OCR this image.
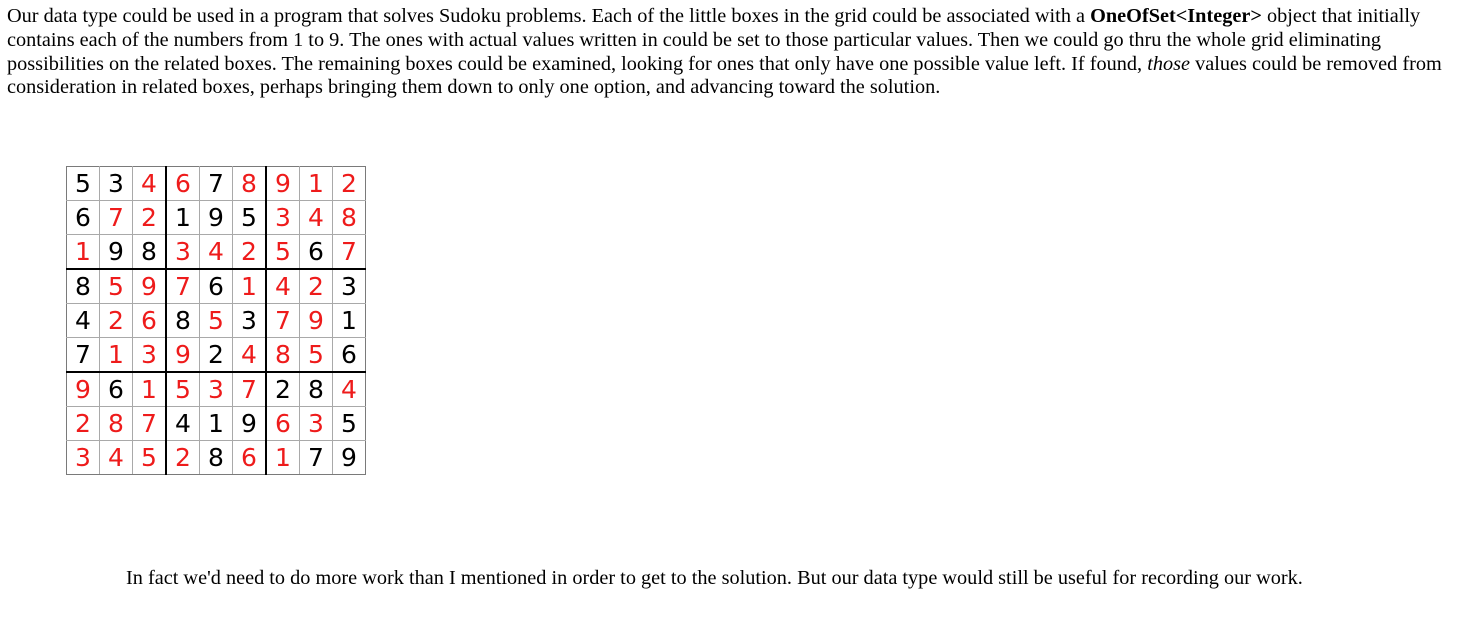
Our data type could be used in a program that solves Sudoku problems. Each of the little boxes in the grid could be associated with a OneOfSet<Integer> object that initially contains each of the numbers from 1 to 9. The ones with actual values written in could be set to those particular values. Then we could go thru the whole grid eliminating possibilities on the related boxes. The remaining boxes could be examined, looking for ones that only have one possible value left. If found, those values could be removed from consideration in related boxes, perhaps bringing them down to only one option, and advancing toward the solution.

5	3	4	6	7	8	9	1	2
6	7	2	1	9	5	3	4	8
1	9	8	3	4	2	5	6	7
8	5	9	7	6	1	4	2	3
4	2	6	8	5	3	7	9	1
7	1	3	9	2	4	8	5	6
9	6	1	5	3	7	2	8	4
2	8	7	4	1	9	6	3	5
3	4	5	2	8	6	1	7	9

In fact we'd need to do more work than I mentioned in order to get to the solution. But our data type would still be useful for recording our work.
